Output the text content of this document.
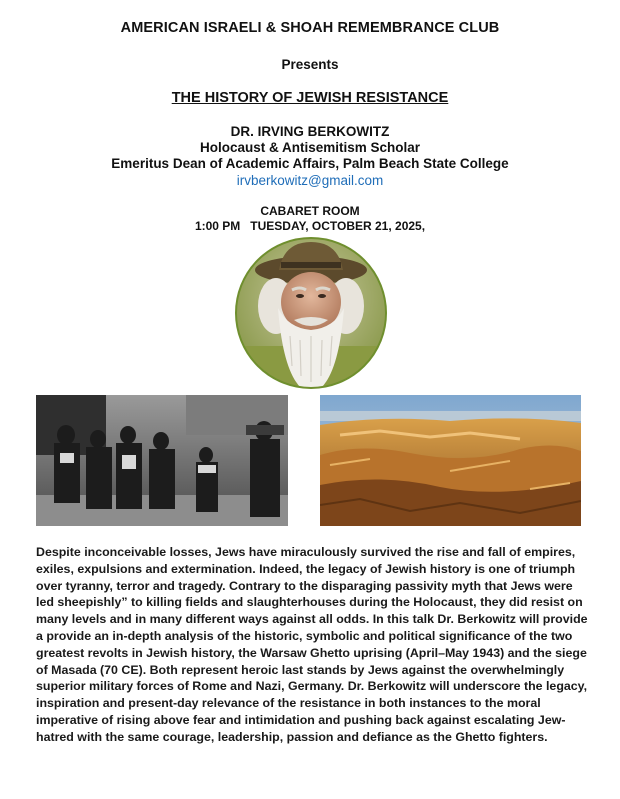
AMERICAN ISRAELI & SHOAH REMEMBRANCE CLUB
Presents
THE HISTORY OF JEWISH RESISTANCE
DR. IRVING BERKOWITZ
Holocaust & Antisemitism Scholar
Emeritus Dean of Academic Affairs, Palm Beach State College
irvberkowitz@gmail.com
CABARET ROOM
1:00 PM   TUESDAY, OCTOBER 21, 2025,

Despite inconceivable losses, Jews have miraculously survived the rise and fall of empires, exiles, expulsions and extermination. Indeed, the legacy of Jewish history is one of triumph over tyranny, terror and tragedy. Contrary to the disparaging passivity myth that Jews were led sheepishly” to killing fields and slaughterhouses during the Holocaust, they did resist on many levels and in many different ways against all odds. In this talk Dr. Berkowitz will provide a provide an in-depth analysis of the historic, symbolic and political significance of the two greatest revolts in Jewish history, the Warsaw Ghetto uprising (April–May 1943) and the siege of Masada (70 CE). Both represent heroic last stands by Jews against the overwhelmingly superior military forces of Rome and Nazi, Germany. Dr. Berkowitz will underscore the legacy, inspiration and present-day relevance of the resistance in both instances to the moral imperative of rising above fear and intimidation and pushing back against escalating Jew-hatred with the same courage, leadership, passion and defiance as the Ghetto fighters.
